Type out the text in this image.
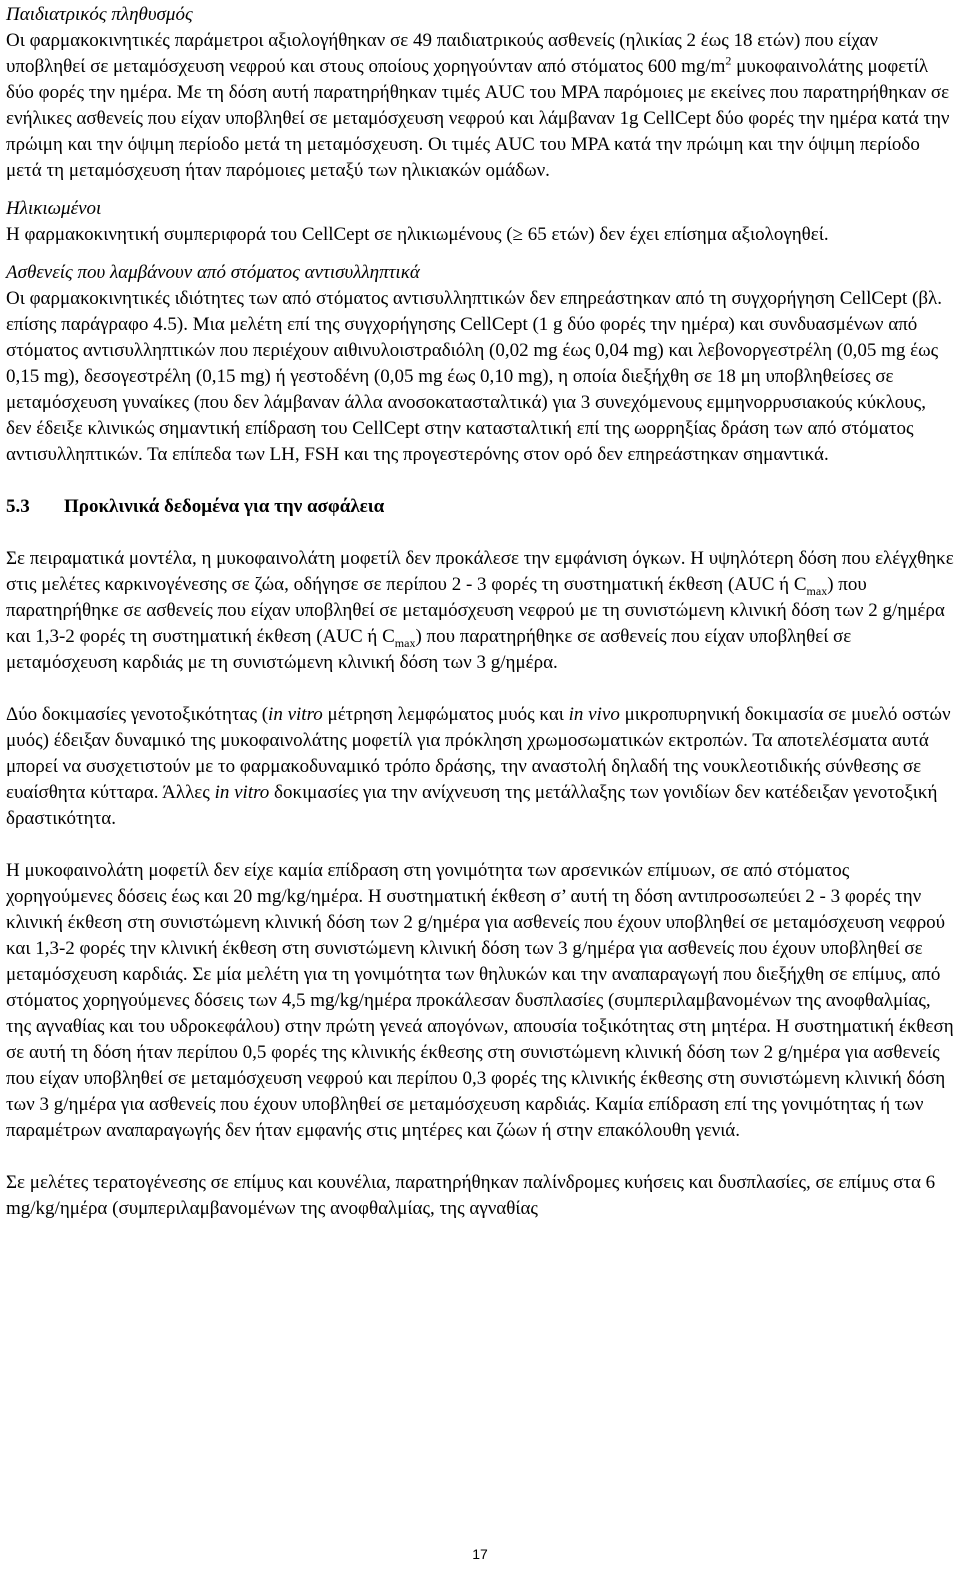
Παιδιατρικός πληθυσμός

Οι φαρμακοκινητικές παράμετροι αξιολογήθηκαν σε 49 παιδιατρικούς ασθενείς (ηλικίας 2 έως 18 ετών) που είχαν υποβληθεί σε μεταμόσχευση νεφρού και στους οποίους χορηγούνταν από στόματος 600 $mg/m^2$ μυκοφαινολάτης μοφετίλ δύο φορές την ημέρα. Με τη δόση αυτή παρατηρήθηκαν τιμές AUC του MPA παρόμοιες με εκείνες που παρατηρήθηκαν σε ενήλικες ασθενείς που είχαν υποβληθεί σε μεταμόσχευση νεφρού και λάμβαναν 1g CellCept δύο φορές την ημέρα κατά την πρώιμη και την όψιμη περίοδο μετά τη μεταμόσχευση. Οι τιμές AUC του MPA κατά την πρώιμη και την όψιμη περίοδο μετά τη μεταμόσχευση ήταν παρόμοιες μεταξύ των ηλικιακών ομάδων.

Ηλικιωμένοι

Η φαρμακοκινητική συμπεριφορά του CellCept σε ηλικιωμένους (≥ 65 ετών) δεν έχει επίσημα αξιολογηθεί.

Ασθενείς που λαμβάνουν από στόματος αντισυλληπτικά

Οι φαρμακοκινητικές ιδιότητες των από στόματος αντισυλληπτικών δεν επηρεάστηκαν από τη συγχορήγηση CellCept (βλ. επίσης παράγραφο 4.5). Μια μελέτη επί της συγχορήγησης CellCept (1 g δύο φορές την ημέρα) και συνδυασμένων από στόματος αντισυλληπτικών που περιέχουν αιθινυλοιστραδιόλη (0,02 mg έως 0,04 mg) και λεβονοργεστρέλη (0,05 mg έως 0,15 mg), δεσογεστρέλη (0,15 mg) ή γεστοδένη (0,05 mg έως 0,10 mg), η οποία διεξήχθη σε 18 μη υποβληθείσες σε μεταμόσχευση γυναίκες (που δεν λάμβαναν άλλα ανοσοκατασταλτικά) για 3 συνεχόμενους εμμηνορρυσιακούς κύκλους, δεν έδειξε κλινικώς σημαντική επίδραση του CellCept στην κατασταλτική επί της ωορρηξίας δράση των από στόματος αντισυλληπτικών. Τα επίπεδα των LH, FSH και της προγεστερόνης στον ορό δεν επηρεάστηκαν σημαντικά.

5.3	Προκλινικά δεδομένα για την ασφάλεια

Σε πειραματικά μοντέλα, η μυκοφαινολάτη μοφετίλ δεν προκάλεσε την εμφάνιση όγκων. Η υψηλότερη δόση που ελέγχθηκε στις μελέτες καρκινογένεσης σε ζώα, οδήγησε σε περίπου 2 - 3 φορές τη συστηματική έκθεση (AUC ή $C_{max}$) που παρατηρήθηκε σε ασθενείς που είχαν υποβληθεί σε μεταμόσχευση νεφρού με τη συνιστώμενη κλινική δόση των 2 g/ημέρα και 1,3-2 φορές τη συστηματική έκθεση (AUC ή $C_{max}$) που παρατηρήθηκε σε ασθενείς που είχαν υποβληθεί σε μεταμόσχευση καρδιάς με τη συνιστώμενη κλινική δόση των 3 g/ημέρα.

Δύο δοκιμασίες γενοτοξικότητας (in vitro μέτρηση λεμφώματος μυός και in vivo μικροπυρηνική δοκιμασία σε μυελό οστών μυός) έδειξαν δυναμικό της μυκοφαινολάτης μοφετίλ για πρόκληση χρωμοσωματικών εκτροπών. Τα αποτελέσματα αυτά μπορεί να συσχετιστούν με το φαρμακοδυναμικό τρόπο δράσης, την αναστολή δηλαδή της νουκλεοτιδικής σύνθεσης σε ευαίσθητα κύτταρα. Άλλες in vitro δοκιμασίες για την ανίχνευση της μετάλλαξης των γονιδίων δεν κατέδειξαν γενοτοξική δραστικότητα.

Η μυκοφαινολάτη μοφετίλ δεν είχε καμία επίδραση στη γονιμότητα των αρσενικών επίμυων, σε από στόματος χορηγούμενες δόσεις έως και 20 mg/kg/ημέρα. Η συστηματική έκθεση σ’ αυτή τη δόση αντιπροσωπεύει 2 - 3 φορές την κλινική έκθεση στη συνιστώμενη κλινική δόση των 2 g/ημέρα για ασθενείς που έχουν υποβληθεί σε μεταμόσχευση νεφρού και 1,3-2 φορές την κλινική έκθεση στη συνιστώμενη κλινική δόση των 3 g/ημέρα για ασθενείς που έχουν υποβληθεί σε μεταμόσχευση καρδιάς. Σε μία μελέτη για τη γονιμότητα των θηλυκών και την αναπαραγωγή που διεξήχθη σε επίμυς, από στόματος χορηγούμενες δόσεις των 4,5 mg/kg/ημέρα προκάλεσαν δυσπλασίες (συμπεριλαμβανομένων της ανοφθαλμίας, της αγναθίας και του υδροκεφάλου) στην πρώτη γενεά απογόνων, απουσία τοξικότητας στη μητέρα. Η συστηματική έκθεση σε αυτή τη δόση ήταν περίπου 0,5 φορές της κλινικής έκθεσης στη συνιστώμενη κλινική δόση των 2 g/ημέρα για ασθενείς που είχαν υποβληθεί σε μεταμόσχευση νεφρού και περίπου 0,3 φορές της κλινικής έκθεσης στη συνιστώμενη κλινική δόση των 3 g/ημέρα για ασθενείς που έχουν υποβληθεί σε μεταμόσχευση καρδιάς. Καμία επίδραση επί της γονιμότητας ή των παραμέτρων αναπαραγωγής δεν ήταν εμφανής στις μητέρες και ζώων ή στην επακόλουθη γενιά.

Σε μελέτες τερατογένεσης σε επίμυς και κουνέλια, παρατηρήθηκαν παλίνδρομες κυήσεις και δυσπλασίες, σε επίμυς στα 6 mg/kg/ημέρα (συμπεριλαμβανομένων της ανοφθαλμίας, της αγναθίας

17
